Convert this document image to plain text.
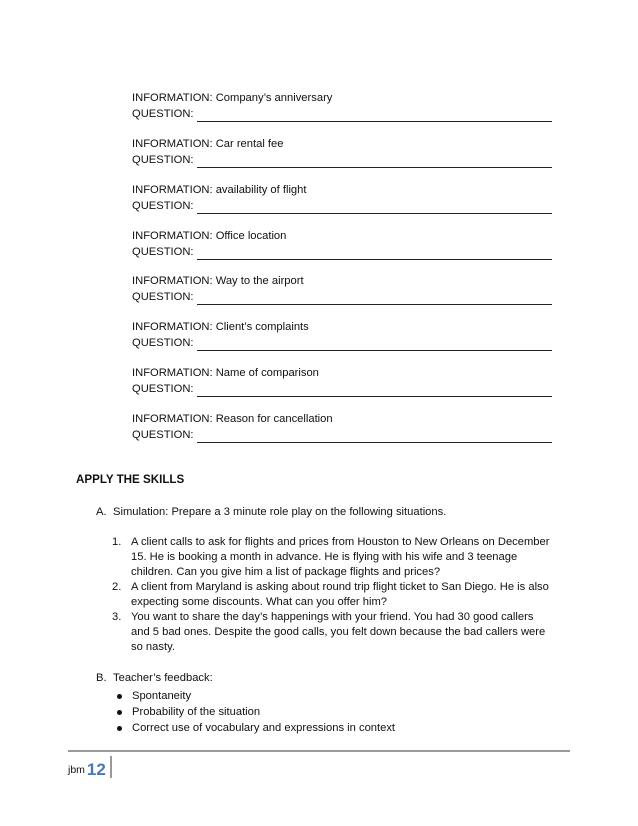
INFORMATION: Company’s anniversary
QUESTION:
INFORMATION: Car rental fee
QUESTION:
INFORMATION: availability of flight
QUESTION:
INFORMATION: Office location
QUESTION:
INFORMATION: Way to the airport
QUESTION:
INFORMATION: Client’s complaints
QUESTION:
INFORMATION: Name of comparison
QUESTION:
INFORMATION: Reason for cancellation
QUESTION:
APPLY THE SKILLS
A. Simulation: Prepare a 3 minute role play on the following situations.
1. A client calls to ask for flights and prices from Houston to New Orleans on December
15. He is booking a month in advance. He is flying with his wife and 3 teenage
children. Can you give him a list of package flights and prices?
2. A client from Maryland is asking about round trip flight ticket to San Diego. He is also
expecting some discounts. What can you offer him?
3. You want to share the day’s happenings with your friend. You had 30 good callers
and 5 bad ones. Despite the good calls, you felt down because the bad callers were
so nasty.
B. Teacher’s feedback:
Spontaneity
Probability of the situation
Correct use of vocabulary and expressions in context
jbm 12
